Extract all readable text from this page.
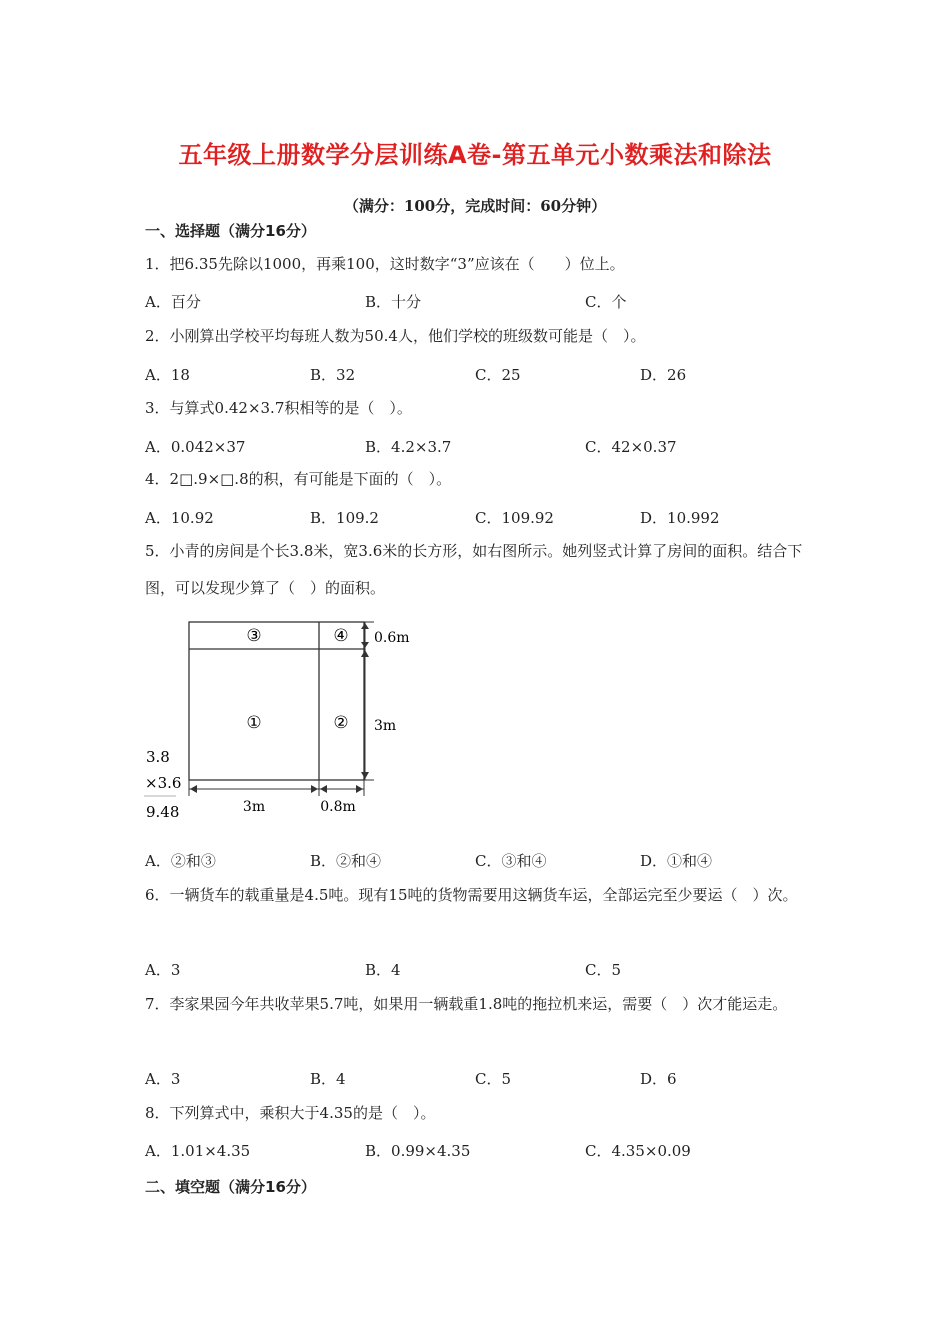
五年级上册数学分层训练A卷-第五单元小数乘法和除法
（满分：100分，完成时间：60分钟）
一、选择题（满分16分）
1．把6.35先除以1000，再乘100，这时数字“3”应该在（　　）位上。
A．百分	B．十分	C．个
2．小刚算出学校平均每班人数为50.4人，他们学校的班级数可能是（　）。
A．18	B．32	C．25	D．26
3．与算式0.42×3.7积相等的是（　）。
A．0.042×37	B．4.2×3.7	C．42×0.37
4．2□.9×□.8的积，有可能是下面的（　）。
A．10.92	B．109.2	C．109.92	D．10.992
5．小青的房间是个长3.8米，宽3.6米的长方形，如右图所示。她列竖式计算了房间的面积。结合下图，可以发现少算了（　）的面积。
③	④
①	②
0.6m
3m
3m	0.8m
3.8
×3.6
9.48
A．②和③	B．②和④	C．③和④	D．①和④
6．一辆货车的载重量是4.5吨。现有15吨的货物需要用这辆货车运，全部运完至少要运（　）次。
A．3	B．4	C．5
7．李家果园今年共收苹果5.7吨，如果用一辆载重1.8吨的拖拉机来运，需要（　）次才能运走。
A．3	B．4	C．5	D．6
8．下列算式中，乘积大于4.35的是（　）。
A．1.01×4.35	B．0.99×4.35	C．4.35×0.09
二、填空题（满分16分）
